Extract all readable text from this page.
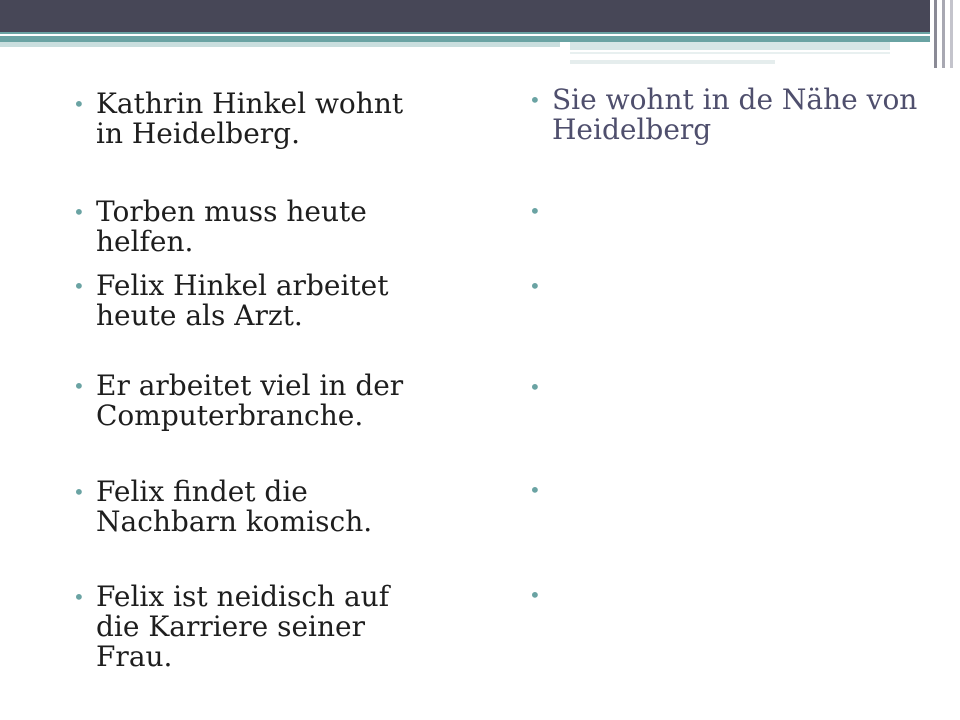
• Kathrin Hinkel wohnt in Heidelberg.
• Torben muss heute helfen.
• Felix Hinkel arbeitet heute als Arzt.
• Er arbeitet viel in der Computerbranche.
• Felix findet die Nachbarn komisch.
• Felix ist neidisch auf die Karriere seiner Frau.
• Sie wohnt in de Nähe von Heidelberg
•
•
•
•
•
